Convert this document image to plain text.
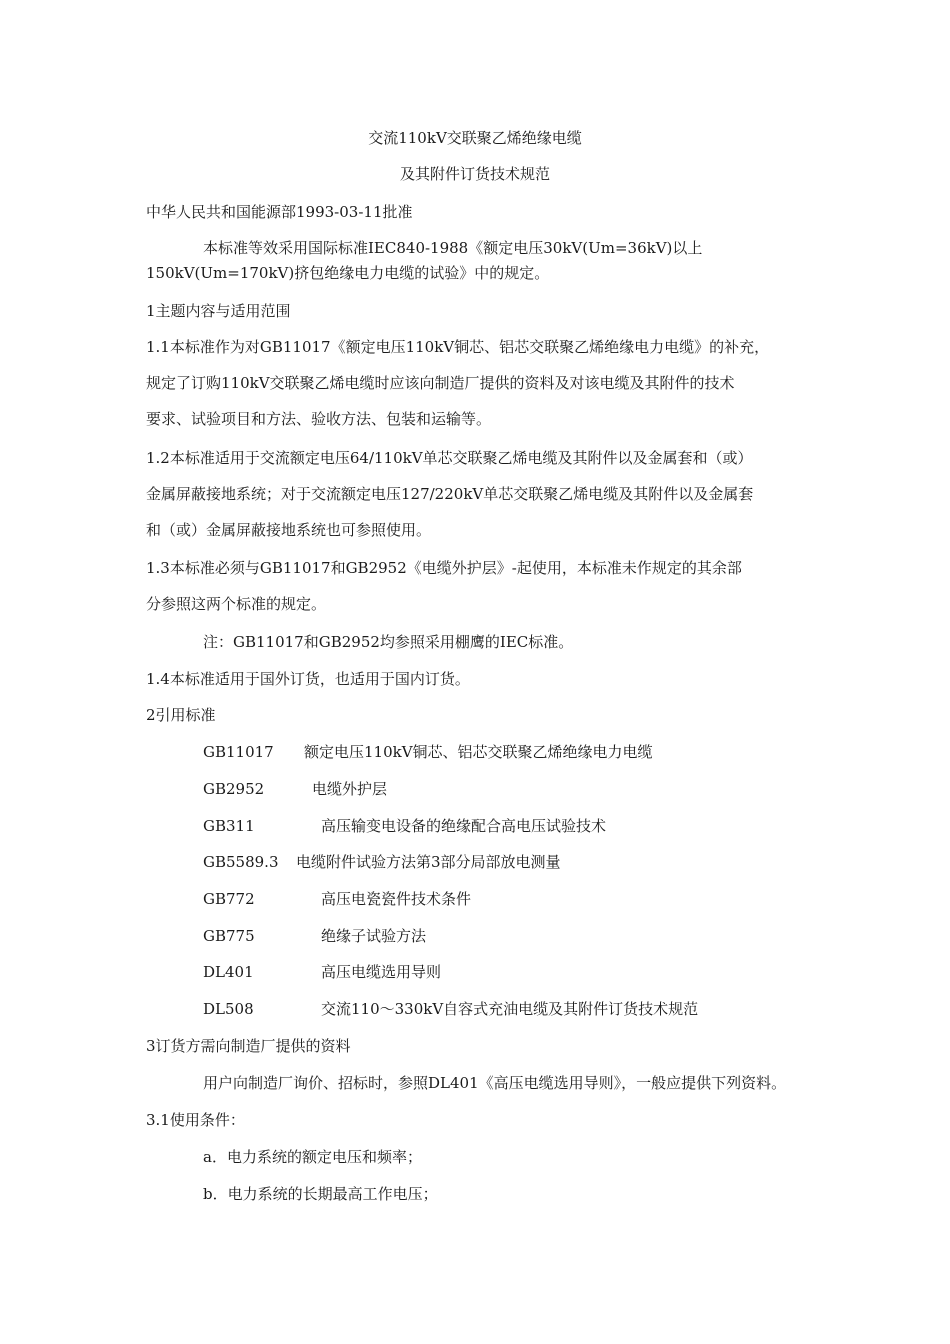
交流110kV交联聚乙烯绝缘电缆
及其附件订货技术规范
中华人民共和国能源部1993-03-11批准
本标准等效采用国际标准IEC840-1988《额定电压30kV(Um=36kV)以上
150kV(Um=170kV)挤包绝缘电力电缆的试验》中的规定。
1主题内容与适用范围
1.1本标准作为对GB11017《额定电压110kV铜芯、铝芯交联聚乙烯绝缘电力电缆》的补充，
规定了订购110kV交联聚乙烯电缆时应该向制造厂提供的资料及对该电缆及其附件的技术
要求、试验项目和方法、验收方法、包装和运输等。
1.2本标准适用于交流额定电压64/110kV单芯交联聚乙烯电缆及其附件以及金属套和（或）
金属屏蔽接地系统；对于交流额定电压127/220kV单芯交联聚乙烯电缆及其附件以及金属套
和（或）金属屏蔽接地系统也可参照使用。
1.3本标准必须与GB11017和GB2952《电缆外护层》-起使用，本标准未作规定的其余部
分参照这两个标准的规定。
注：GB11017和GB2952均参照采用棚鹰的IEC标准。
1.4本标准适用于国外订货，也适用于国内订货。
2引用标准
GB11017 额定电压110kV铜芯、铝芯交联聚乙烯绝缘电力电缆
GB2952	电缆外护层
GB311	高压输变电设备的绝缘配合高电压试验技术
GB5589.3 电缆附件试验方法第3部分局部放电测量
GB772	高压电瓷瓷件技术条件
GB775	绝缘子试验方法
DL401	高压电缆选用导则
DL508	交流110～330kV自容式充油电缆及其附件订货技术规范
3订货方需向制造厂提供的资料
用户向制造厂询价、招标时，参照DL401《高压电缆选用导则》，一般应提供下列资料。
3.1使用条件：
a．电力系统的额定电压和频率；
b．电力系统的长期最高工作电压；
